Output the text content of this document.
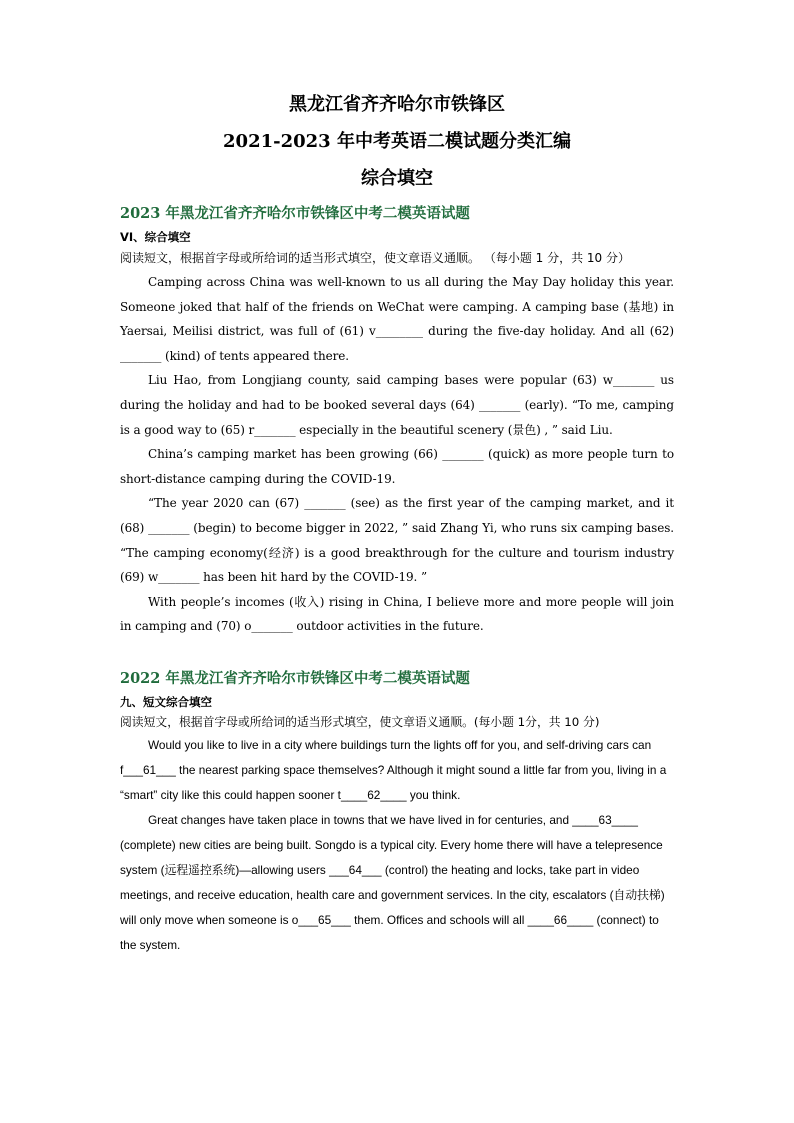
黑龙江省齐齐哈尔市铁锋区

2021-2023 年中考英语二模试题分类汇编

综合填空

2023 年黑龙江省齐齐哈尔市铁锋区中考二模英语试题

VI、综合填空

阅读短文，根据首字母或所给词的适当形式填空，使文章语义通顺。 （每小题 1 分，共 10 分）

Camping across China was well-known to us all during the May Day holiday this year. Someone joked that half of the friends on WeChat were camping. A camping base (基地) in Yaersai, Meilisi district, was full of (61) v________ during the five-day holiday. And all (62) _______ (kind) of tents appeared there.

Liu Hao, from Longjiang county, said camping bases were popular (63) w_______ us during the holiday and had to be booked several days (64) _______ (early). “To me, camping is a good way to (65) r_______ especially in the beautiful scenery (景色) , ” said Liu.

China’s camping market has been growing (66) _______ (quick) as more people turn to short-distance camping during the COVID-19.

“The year 2020 can (67) _______ (see) as the first year of the camping market, and it (68) _______ (begin) to become bigger in 2022, ” said Zhang Yi, who runs six camping bases. “The camping economy(经济) is a good breakthrough for the culture and tourism industry (69) w_______ has been hit hard by the COVID-19. ”

With people’s incomes (收入) rising in China, I believe more and more people will join in camping and (70) o_______ outdoor activities in the future.

2022 年黑龙江省齐齐哈尔市铁锋区中考二模英语试题

九、短文综合填空

阅读短文，根据首字母或所给词的适当形式填空，使文章语义通顺。(每小题 1分，共 10 分)

Would you like to live in a city where buildings turn the lights off for you, and self-driving cars can f___61___ the nearest parking space themselves? Although it might sound a little far from you, living in a “smart” city like this could happen sooner t____62____ you think.

Great changes have taken place in towns that we have lived in for centuries, and ____63____ (complete) new cities are being built. Songdo is a typical city. Every home there will have a telepresence system (远程遥控系统)—allowing users ___64___ (control) the heating and locks, take part in video meetings, and receive education, health care and government services. In the city, escalators (自动扶梯) will only move when someone is o___65___ them. Offices and schools will all ____66____ (connect) to the system.
